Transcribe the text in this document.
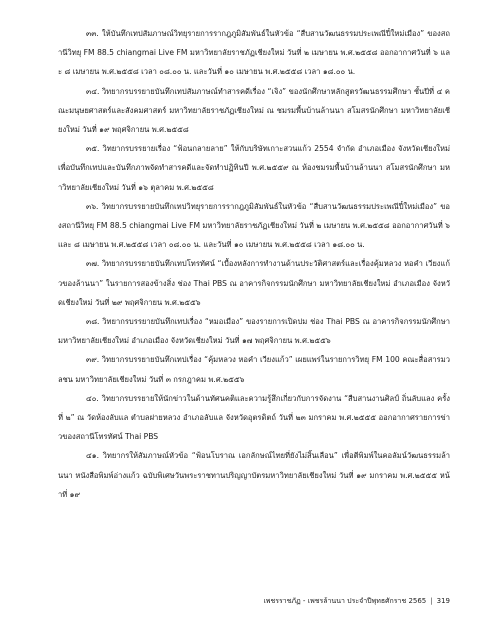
๓๓. ให้บันทึกเทปสัมภาษณ์วิทยุรายการรากฎภูมิสัมพันธ์ในหัวข้อ “สืบสานวัฒนธรรมประเพณีปี๋ใหม่เมือง” ของสถานีวิทยุ FM 88.5 chiangmai Live FM มหาวิทยาลัยราชภัฏเชียงใหม่ วันที่ ๒ เมษายน พ.ศ.๒๕๕๘ ออกอากาศวันที่ ๖ และ ๘ เมษายน พ.ศ.๒๕๕๘ เวลา ๐๘.๐๐ น. และวันที่ ๑๐ เมษายน พ.ศ.๒๕๕๘ เวลา ๑๘.๐๐ น.

๓๔. วิทยากรบรรยายบันทึกเทปสัมภาษณ์ทำสารคดีเรื่อง “เจิง” ของนักศึกษาหลักสูตรวัฒนธรรมศึกษา ชั้นปีที่ ๔ คณะมนุษยศาสตร์และสังคมศาสตร์ มหาวิทยาลัยราชภัฏเชียงใหม่ ณ ชมรมพื้นบ้านล้านนา สโมสรนักศึกษา มหาวิทยาลัยเชียงใหม่ วันที่ ๑๙ พฤศจิกายน พ.ศ.๒๕๕๘

๓๕. วิทยากรบรรยายเรื่อง “ฟ้อนกลายลาย” ให้กับบริษัทเกาะสวนแก้ว 2554 จำกัด อำเภอเมือง จังหวัดเชียงใหม่ เพื่อบันทึกเทปและบันทึกภาพจัดทำสารคดีและจัดทำปฏิทินปี พ.ศ.๒๕๕๙ ณ ห้องชมรมพื้นบ้านล้านนา สโมสรนักศึกษา มหาวิทยาลัยเชียงใหม่ วันที่ ๑๖ ตุลาคม พ.ศ.๒๕๕๘

๓๖. วิทยากรบรรยายบันทึกเทปวิทยุรายการรากฎภูมิสัมพันธ์ในหัวข้อ “สืบสานวัฒนธรรมประเพณีปี๋ใหม่เมือง” ของสถานีวิทยุ FM 88.5 chiangmai Live FM มหาวิทยาลัยราชภัฏเชียงใหม่ วันที่ ๒ เมษายน พ.ศ.๒๕๕๘ ออกอากาศวันที่ ๖ และ ๘ เมษายน พ.ศ.๒๕๕๘ เวลา ๐๘.๐๐ น. และวันที่ ๑๐ เมษายน พ.ศ.๒๕๕๘ เวลา ๑๘.๐๐ น.

๓๗. วิทยากรบรรยายบันทึกเทปโทรทัศน์ “เบื้องหลังการทำงานด้านประวัติศาสตร์และเรื่องคุ้มหลวง หอคำ เวียงแก้วของล้านนา” ในรายการสองข้างสิ่ง ช่อง Thai PBS ณ อาคารกิจกรรมนักศึกษา มหาวิทยาลัยเชียงใหม่ อำเภอเมือง จังหวัดเชียงใหม่ วันที่ ๒๙ พฤศจิกายน พ.ศ.๒๕๕๖

๓๘. วิทยากรบรรยายบันทึกเทปเรื่อง “หมอเมือง” ของรายการเปิดปม ช่อง Thai PBS ณ อาคารกิจกรรมนักศึกษา มหาวิทยาลัยเชียงใหม่ อำเภอเมือง จังหวัดเชียงใหม่ วันที่ ๑๗ พฤศจิกายน พ.ศ.๒๕๕๖

๓๙. วิทยากรบรรยายบันทึกเทปเรื่อง “คุ้มหลวง หอคำ เวียงแก้ว” เผยแพร่ในรายการวิทยุ FM 100 คณะสื่อสารมวลชน มหาวิทยาลัยเชียงใหม่ วันที่ ๓ กรกฎาคม พ.ศ.๒๕๕๖

๔๐. วิทยากรบรรยายให้นักข่าวในด้านทัศนคติและความรู้สึกเกี่ยวกับการจัดงาน “สืบสานงานศิลป์ ถิ่นลับแลง ครั้งที่ ๒” ณ วัดห้องลับแล ตำบลฝายหลวง อำเภอลับแล จังหวัดอุตรดิตถ์ วันที่ ๒๓ มกราคม พ.ศ.๒๕๕๕ ออกอากาศรายการข่าวของสถานีโทรทัศน์ Thai PBS

๔๑. วิทยากรให้สัมภาษณ์หัวข้อ “ฟ้อนโบราณ เอกลักษณ์ไทยที่ยังไม่สิ้นเลือน” เพื่อตีพิมพ์ในคอลัมน์วัฒนธรรมล้านนา หนังสือพิมพ์อ่างแก้ว ฉบับพิเศษวันพระราชทานปริญญาบัตรมหาวิทยาลัยเชียงใหม่ วันที่ ๑๙ มกราคม พ.ศ.๒๕๕๕ หน้าที่ ๑๙

เพชรราชภัฏ - เพชรล้านนา ประจำปีพุทธศักราช 2565 | 319
